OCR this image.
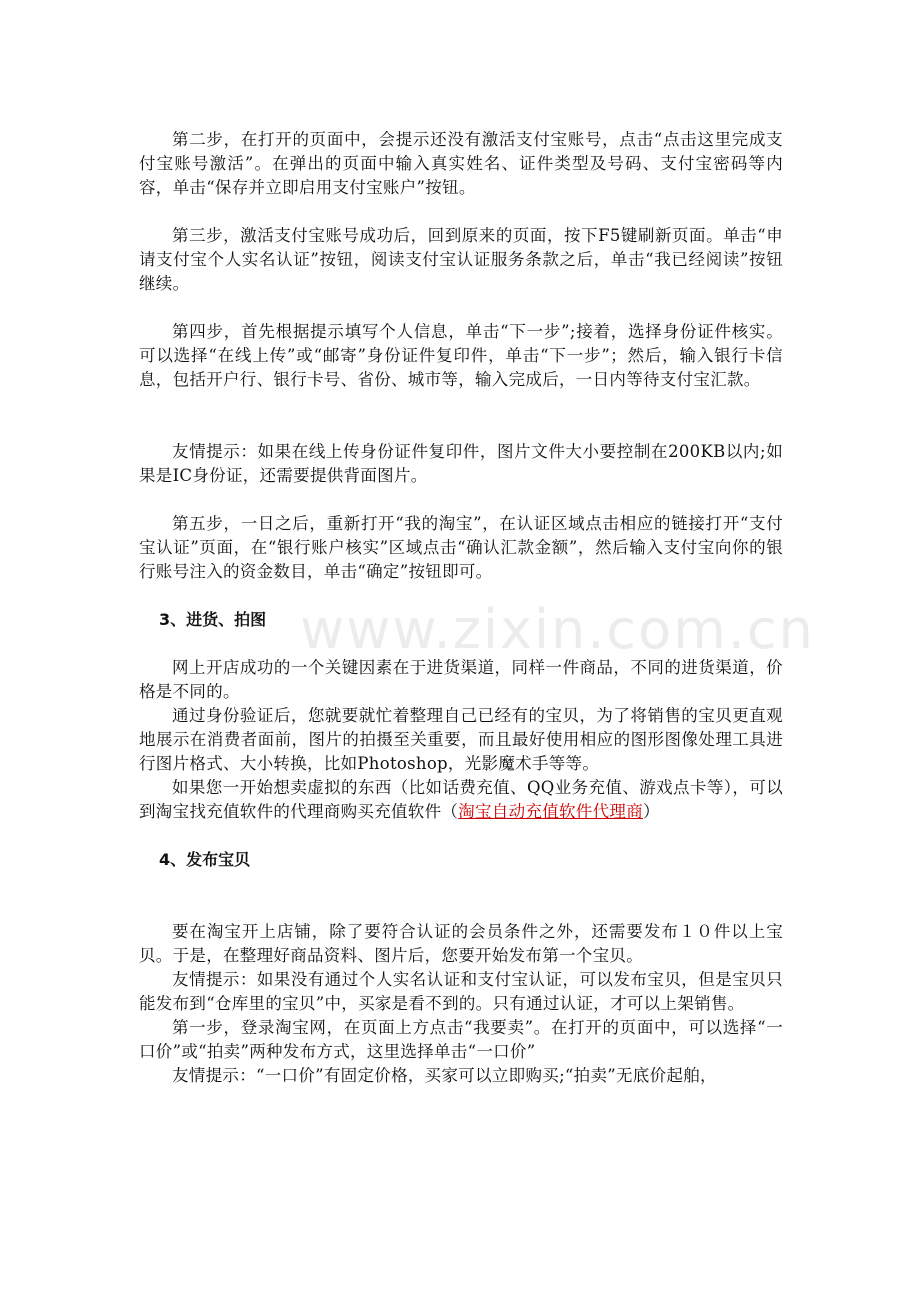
www.zixin.com.cn

第二步，在打开的页面中，会提示还没有激活支付宝账号，点击“点击这里完成支付宝账号激活”。在弹出的页面中输入真实姓名、证件类型及号码、支付宝密码等内容，单击“保存并立即启用支付宝账户”按钮。

第三步，激活支付宝账号成功后，回到原来的页面，按下F5键刷新页面。单击“申请支付宝个人实名认证”按钮，阅读支付宝认证服务条款之后，单击“我已经阅读”按钮继续。

第四步，首先根据提示填写个人信息，单击“下一步”;接着，选择身份证件核实。可以选择“在线上传”或“邮寄”身份证件复印件，单击“下一步”；然后，输入银行卡信息，包括开户行、银行卡号、省份、城市等，输入完成后，一日内等待支付宝汇款。

友情提示：如果在线上传身份证件复印件，图片文件大小要控制在200KB以内;如果是IC身份证，还需要提供背面图片。

第五步，一日之后，重新打开“我的淘宝”，在认证区域点击相应的链接打开“支付宝认证”页面，在“银行账户核实”区域点击“确认汇款金额”，然后输入支付宝向你的银行账号注入的资金数目，单击“确定”按钮即可。

3、进货、拍图

网上开店成功的一个关键因素在于进货渠道，同样一件商品，不同的进货渠道，价格是不同的。

通过身份验证后，您就要就忙着整理自己已经有的宝贝，为了将销售的宝贝更直观地展示在消费者面前，图片的拍摄至关重要，而且最好使用相应的图形图像处理工具进行图片格式、大小转换，比如Photoshop，光影魔术手等等。

如果您一开始想卖虚拟的东西（比如话费充值、QQ业务充值、游戏点卡等），可以到淘宝找充值软件的代理商购买充值软件（淘宝自动充值软件代理商）

4、发布宝贝

要在淘宝开上店铺，除了要符合认证的会员条件之外，还需要发布１０件以上宝贝。于是，在整理好商品资料、图片后，您要开始发布第一个宝贝。

友情提示：如果没有通过个人实名认证和支付宝认证，可以发布宝贝，但是宝贝只能发布到“仓库里的宝贝”中，买家是看不到的。只有通过认证，才可以上架销售。

第一步，登录淘宝网，在页面上方点击“我要卖”。在打开的页面中，可以选择“一口价”或“拍卖”两种发布方式，这里选择单击“一口价”

友情提示：“一口价”有固定价格，买家可以立即购买;“拍卖”无底价起舶，
